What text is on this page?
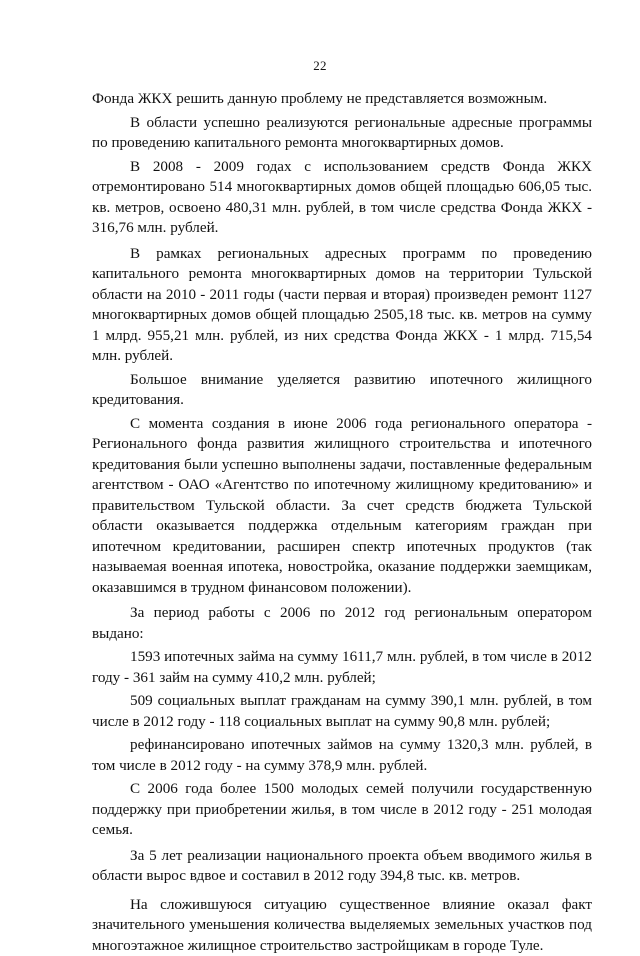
22

Фонда ЖКХ решить данную проблему не представляется возможным.

В области успешно реализуются региональные адресные программы по проведению капитального ремонта многоквартирных домов.

В 2008 - 2009 годах с использованием средств Фонда ЖКХ отремонтировано 514 многоквартирных домов общей площадью 606,05 тыс. кв. метров, освоено 480,31 млн. рублей, в том числе средства Фонда ЖКХ - 316,76 млн. рублей.

В рамках региональных адресных программ по проведению капитального ремонта многоквартирных домов на территории Тульской области на 2010 - 2011 годы (части первая и вторая) произведен ремонт 1127 многоквартирных домов общей площадью 2505,18 тыс. кв. метров на сумму 1 млрд. 955,21 млн. рублей, из них средства Фонда ЖКХ - 1 млрд. 715,54 млн. рублей.

Большое внимание уделяется развитию ипотечного жилищного кредитования.

С момента создания в июне 2006 года регионального оператора - Регионального фонда развития жилищного строительства и ипотечного кредитования были успешно выполнены задачи, поставленные федеральным агентством - ОАО «Агентство по ипотечному жилищному кредитованию» и правительством Тульской области. За счет средств бюджета Тульской области оказывается поддержка отдельным категориям граждан при ипотечном кредитовании, расширен спектр ипотечных продуктов (так называемая военная ипотека, новостройка, оказание поддержки заемщикам, оказавшимся в трудном финансовом положении).

За период работы с 2006 по 2012 год региональным оператором выдано:

1593 ипотечных займа на сумму 1611,7 млн. рублей, в том числе в 2012 году - 361 займ на сумму 410,2 млн. рублей;

509 социальных выплат гражданам на сумму 390,1 млн. рублей, в том числе в 2012 году - 118 социальных выплат на сумму 90,8 млн. рублей;

рефинансировано ипотечных займов на сумму 1320,3 млн. рублей, в том числе в 2012 году - на сумму 378,9 млн. рублей.

С 2006 года более 1500 молодых семей получили государственную поддержку при приобретении жилья, в том числе в 2012 году - 251 молодая семья.

За 5 лет реализации национального проекта объем вводимого жилья в области вырос вдвое и составил в 2012 году 394,8 тыс. кв. метров.

На сложившуюся ситуацию существенное влияние оказал факт значительного уменьшения количества выделяемых земельных участков под многоэтажное жилищное строительство застройщикам в городе Туле.
